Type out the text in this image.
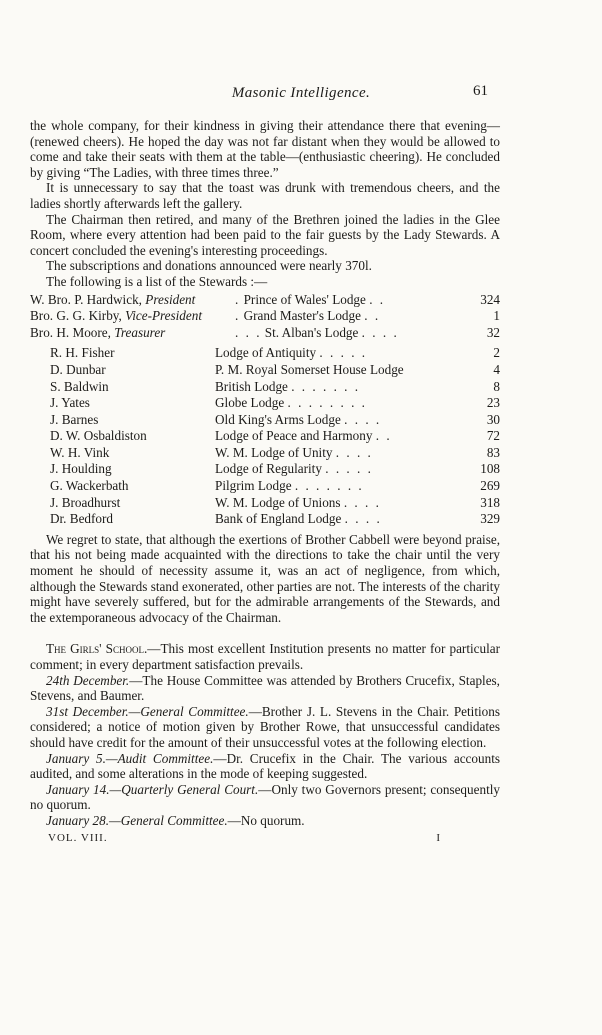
Masonic Intelligence.	61

the whole company, for their kindness in giving their attendance there that evening—(renewed cheers). He hoped the day was not far distant when they would be allowed to come and take their seats with them at the table—(enthusiastic cheering). He concluded by giving “The Ladies, with three times three.”

It is unnecessary to say that the toast was drunk with tremendous cheers, and the ladies shortly afterwards left the gallery.

The Chairman then retired, and many of the Brethren joined the ladies in the Glee Room, where every attention had been paid to the fair guests by the Lady Stewards. A concert concluded the evening's interesting proceedings.

The subscriptions and donations announced were nearly 370l.

The following is a list of the Stewards :—

W. Bro. P. Hardwick, President	. Prince of Wales' Lodge . .	324
Bro. G. G. Kirby, Vice-President	. Grand Master's Lodge . .	1
Bro. H. Moore, Treasurer	. . . St. Alban's Lodge . . . .	32
R. H. Fisher	Lodge of Antiquity . . . . .	2
D. Dunbar	P. M. Royal Somerset House Lodge	4
S. Baldwin	British Lodge . . . . . . .	8
J. Yates	Globe Lodge . . . . . . . .	23
J. Barnes	Old King's Arms Lodge . . . .	30
D. W. Osbaldiston	Lodge of Peace and Harmony . .	72
W. H. Vink	W. M. Lodge of Unity . . . .	83
J. Houlding	Lodge of Regularity . . . . .	108
G. Wackerbath	Pilgrim Lodge . . . . . . .	269
J. Broadhurst	W. M. Lodge of Unions . . . .	318
Dr. Bedford	Bank of England Lodge . . . .	329

We regret to state, that although the exertions of Brother Cabbell were beyond praise, that his not being made acquainted with the directions to take the chair until the very moment he should of necessity assume it, was an act of negligence, from which, although the Stewards stand exonerated, other parties are not. The interests of the charity might have severely suffered, but for the admirable arrangements of the Stewards, and the extemporaneous advocacy of the Chairman.

The Girls' School.—This most excellent Institution presents no matter for particular comment; in every department satisfaction prevails.

24th December.—The House Committee was attended by Brothers Crucefix, Staples, Stevens, and Baumer.

31st December.—General Committee.—Brother J. L. Stevens in the Chair. Petitions considered; a notice of motion given by Brother Rowe, that unsuccessful candidates should have credit for the amount of their unsuccessful votes at the following election.

January 5.—Audit Committee.—Dr. Crucefix in the Chair. The various accounts audited, and some alterations in the mode of keeping suggested.

January 14.—Quarterly General Court.—Only two Governors present; consequently no quorum.

January 28.—General Committee.—No quorum.

VOL. VIII.	I
